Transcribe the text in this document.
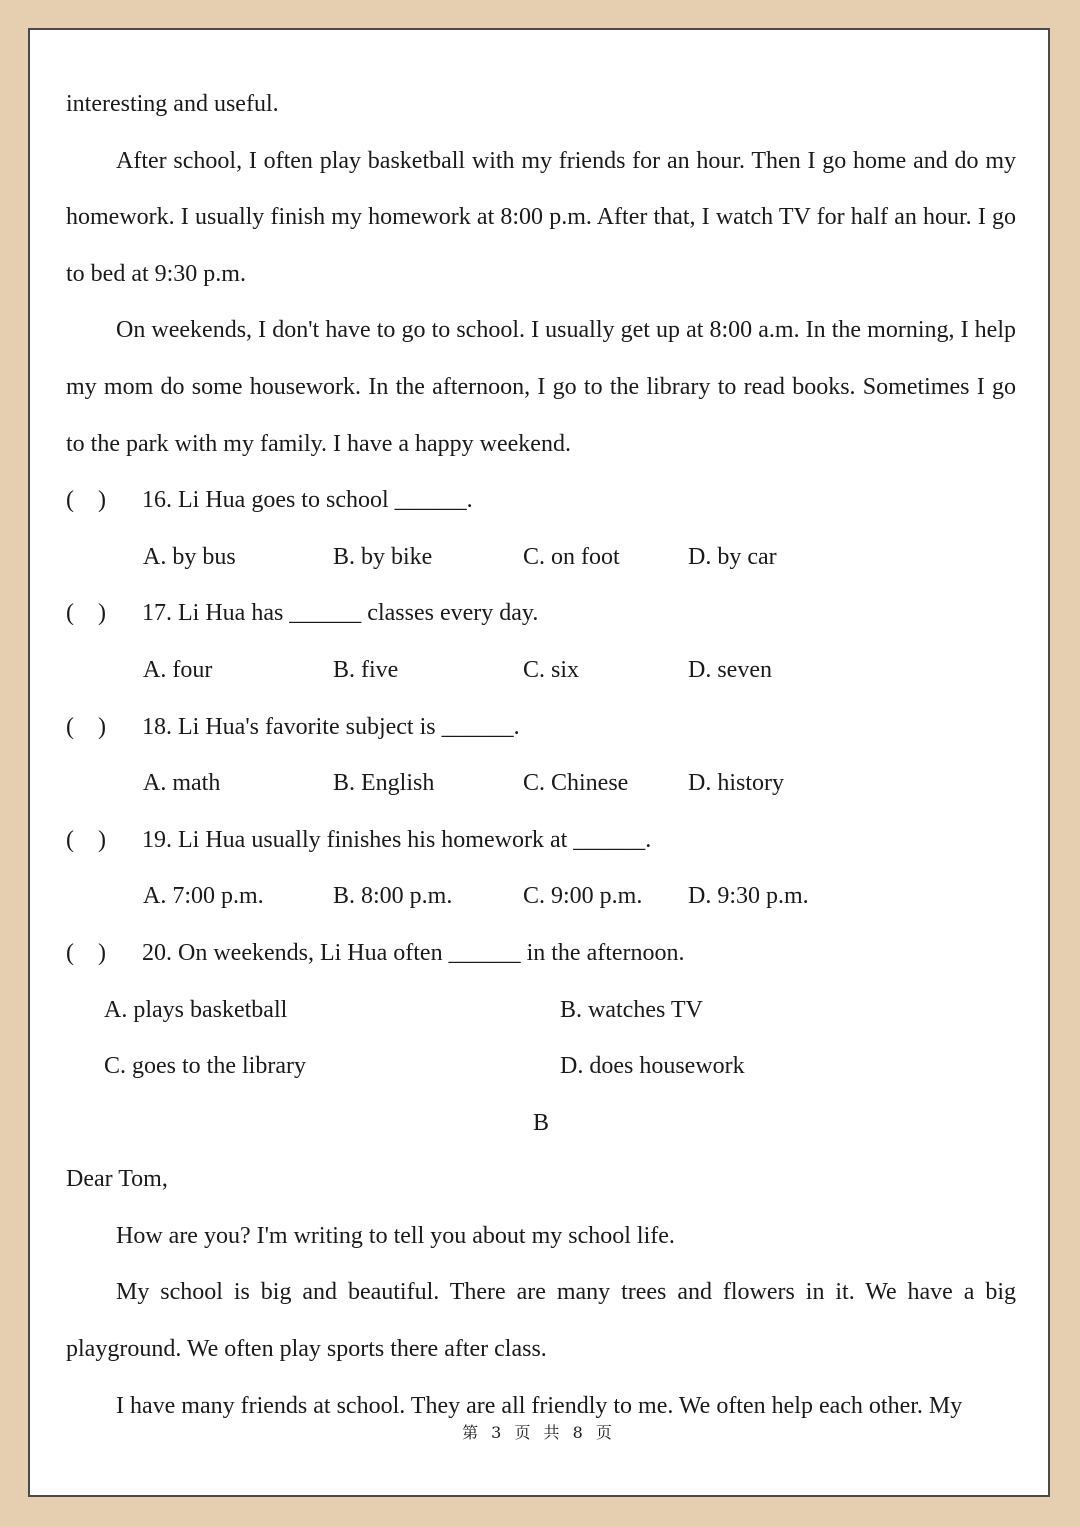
interesting and useful.

After school, I often play basketball with my friends for an hour. Then I go home and do my homework. I usually finish my homework at 8:00 p.m. After that, I watch TV for half an hour. I go to bed at 9:30 p.m.

On weekends, I don't have to go to school. I usually get up at 8:00 a.m. In the morning, I help my mom do some housework. In the afternoon, I go to the library to read books. Sometimes I go to the park with my family. I have a happy weekend.

(    )	16. Li Hua goes to school ______.
A. by bus	B. by bike	C. on foot	D. by car
(    )	17. Li Hua has ______ classes every day.
A. four	B. five	C. six	D. seven
(    )	18. Li Hua's favorite subject is ______.
A. math	B. English	C. Chinese	D. history
(    )	19. Li Hua usually finishes his homework at ______.
A. 7:00 p.m.	B. 8:00 p.m.	C. 9:00 p.m.	D. 9:30 p.m.
(    )	20. On weekends, Li Hua often ______ in the afternoon.
A. plays basketball	B. watches TV
C. goes to the library	D. does housework

B

Dear Tom,

How are you? I'm writing to tell you about my school life.

My school is big and beautiful. There are many trees and flowers in it. We have a big playground. We often play sports there after class.

I have many friends at school. They are all friendly to me. We often help each other. My

第 3 页 共 8 页
